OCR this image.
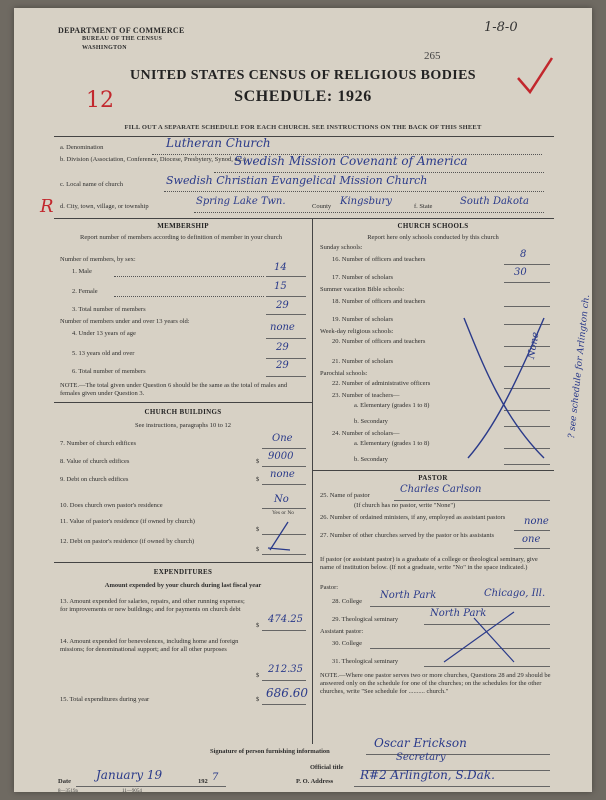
DEPARTMENT OF COMMERCE
BUREAU OF THE CENSUS
WASHINGTON
1-8-0
265
12
UNITED STATES CENSUS OF RELIGIOUS BODIES
SCHEDULE: 1926
FILL OUT A SEPARATE SCHEDULE FOR EACH CHURCH. SEE INSTRUCTIONS ON THE BACK OF THIS SHEET
a. Denomination	Lutheran Church
b. Division (Association, Conference, Diocese, Presbytery, Synod, etc.)
Swedish Mission Covenant of America
c. Local name of church	Swedish Christian Evangelical Mission Church
R d. City, town, village, or township	Spring Lake Twn.	County Kingsbury	f. State	South Dakota
MEMBERSHIP
Report number of members according to definition of member in your church
Number of members, by sex:
1. Male	14
2. Female	15
3. Total number of members	29
Number of members under and over 13 years old:
4. Under 13 years of age
none
5. 13 years old and over
29
6. Total number of members
29
NOTE.—The total given under Question 6 should be the same as the total of males and females given under Question 3.
CHURCH BUILDINGS
See instructions, paragraphs 10 to 12
7. Number of church edifices	One
8. Value of church edifices	$ 9000
9. Debt on church edifices	$ none
10. Does church own pastor's residence
No
Yes or No
11. Value of pastor's residence (if owned by church)
$
12. Debt on pastor's residence (if owned by church)
$
EXPENDITURES
Amount expended by your church during last fiscal year
13. Amount expended for salaries, repairs, and other running expenses; for improvements or new buildings; and for payments on church debt
$
474.25
14. Amount expended for benevolences, including home and foreign missions; for denominational support; and for all other purposes
$
212.35
15. Total expenditures during year	$ 686.60
CHURCH SCHOOLS
Report here only schools conducted by this church
Sunday schools:
16. Number of officers and teachers	8
17. Number of scholars	30
Summer vacation Bible schools:
18. Number of officers and teachers
19. Number of scholars
Week-day religious schools:
20. Number of officers and teachers
21. Number of scholars
Parochial schools:
22. Number of administrative officers
23. Number of teachers—
a. Elementary (grades 1 to 8)
b. Secondary
24. Number of scholars—
a. Elementary (grades 1 to 8)
b. Secondary
None
PASTOR
25. Name of pastor
Charles Carlson
(If church has no pastor, write "None")
26. Number of ordained ministers, if any, employed as assistant pastors	none
27. Number of other churches served by the pastor or his assistants	one
If pastor (or assistant pastor) is a graduate of a college or theological seminary, give name of institution below. (If not a graduate, write "No" in the space indicated.)
Pastor:
28. College
North Park	Chicago, Ill.
29. Theological seminary
North Park
Assistant pastor:
30. College
31. Theological seminary
NOTE.—Where one pastor serves two or more churches, Questions 28 and 29 should be answered only on the schedule for one of the churches; on the schedules for the other churches, write "See schedule for .......... church."
? see schedule for Arlington ch.
Signature of person furnishing information
Oscar Erickson
Official title
Secretary
Date January 19	192 7	P. O. Address R#2 Arlington, S.Dak.
8—3519a	11—9054
